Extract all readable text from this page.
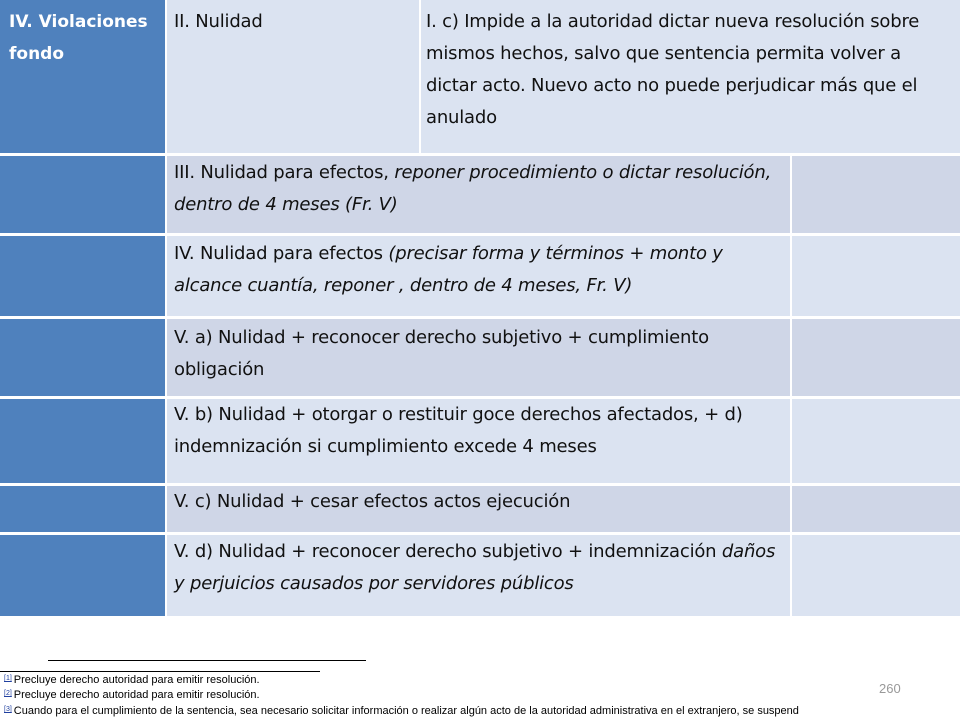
IV. Violaciones fondo
II. Nulidad	I. c) Impide a la autoridad dictar nueva resolución sobre mismos hechos, salvo que sentencia permita volver a dictar acto. Nuevo acto no puede perjudicar más que el anulado
III. Nulidad para efectos, reponer procedimiento o dictar resolución, dentro de 4 meses (Fr. V)
IV. Nulidad para efectos (precisar forma y términos + monto y alcance cuantía, reponer , dentro de 4 meses, Fr. V)
V. a) Nulidad + reconocer derecho subjetivo + cumplimiento obligación
V. b) Nulidad + otorgar o restituir goce derechos afectados, + d) indemnización si cumplimiento excede 4 meses
V. c) Nulidad + cesar efectos actos ejecución
V. d) Nulidad + reconocer derecho subjetivo + indemnización daños y perjuicios causados por servidores públicos
[1] Precluye derecho autoridad para emitir resolución.
[2] Precluye derecho autoridad para emitir resolución.
[3] Cuando para el cumplimiento de la sentencia, sea necesario solicitar información o realizar algún acto de la autoridad administrativa en el extranjero, se suspend
260
